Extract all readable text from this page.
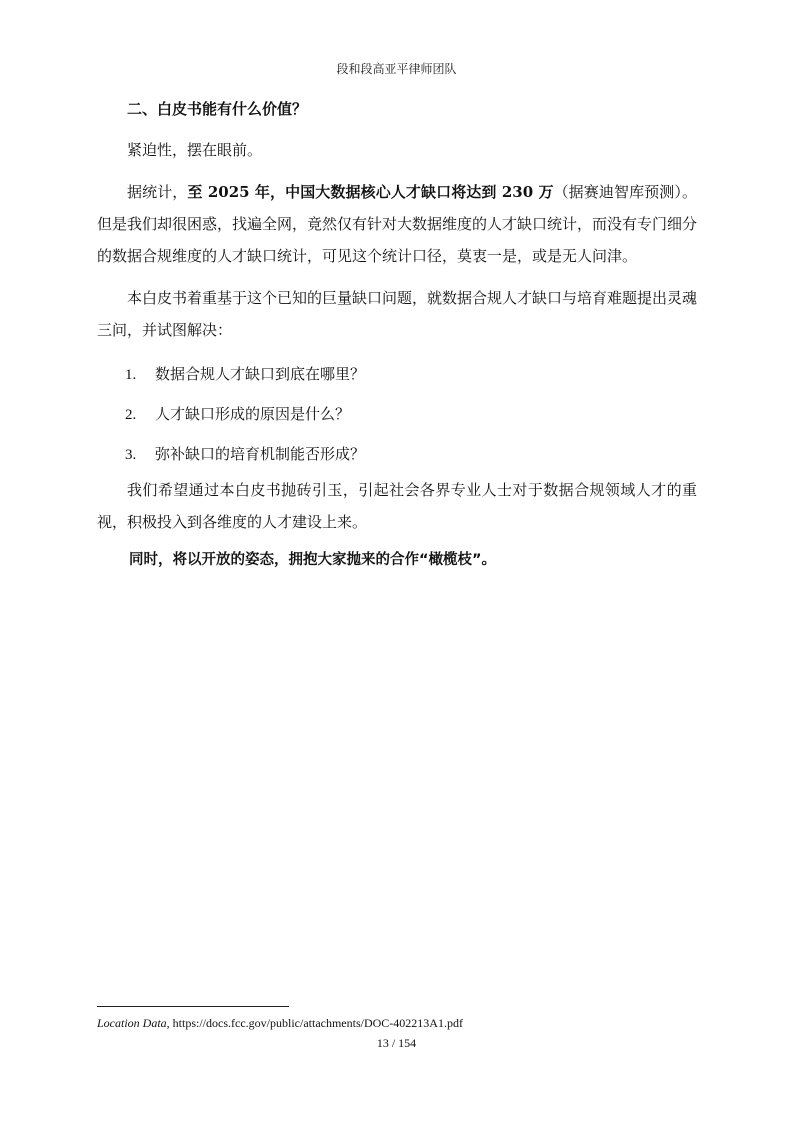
段和段高亚平律师团队
二、白皮书能有什么价值？

紧迫性，摆在眼前。

据统计，至 2025 年，中国大数据核心人才缺口将达到 230 万（据赛迪智库预测）。但是我们却很困惑，找遍全网，竟然仅有针对大数据维度的人才缺口统计，而没有专门细分的数据合规维度的人才缺口统计，可见这个统计口径，莫衷一是，或是无人问津。

本白皮书着重基于这个已知的巨量缺口问题，就数据合规人才缺口与培育难题提出灵魂三问，并试图解决：

1. 数据合规人才缺口到底在哪里？
2. 人才缺口形成的原因是什么？
3. 弥补缺口的培育机制能否形成？

我们希望通过本白皮书抛砖引玉，引起社会各界专业人士对于数据合规领域人才的重视，积极投入到各维度的人才建设上来。

同时，将以开放的姿态，拥抱大家抛来的合作“橄榄枝”。

Location Data, https://docs.fcc.gov/public/attachments/DOC-402213A1.pdf
13 / 154
